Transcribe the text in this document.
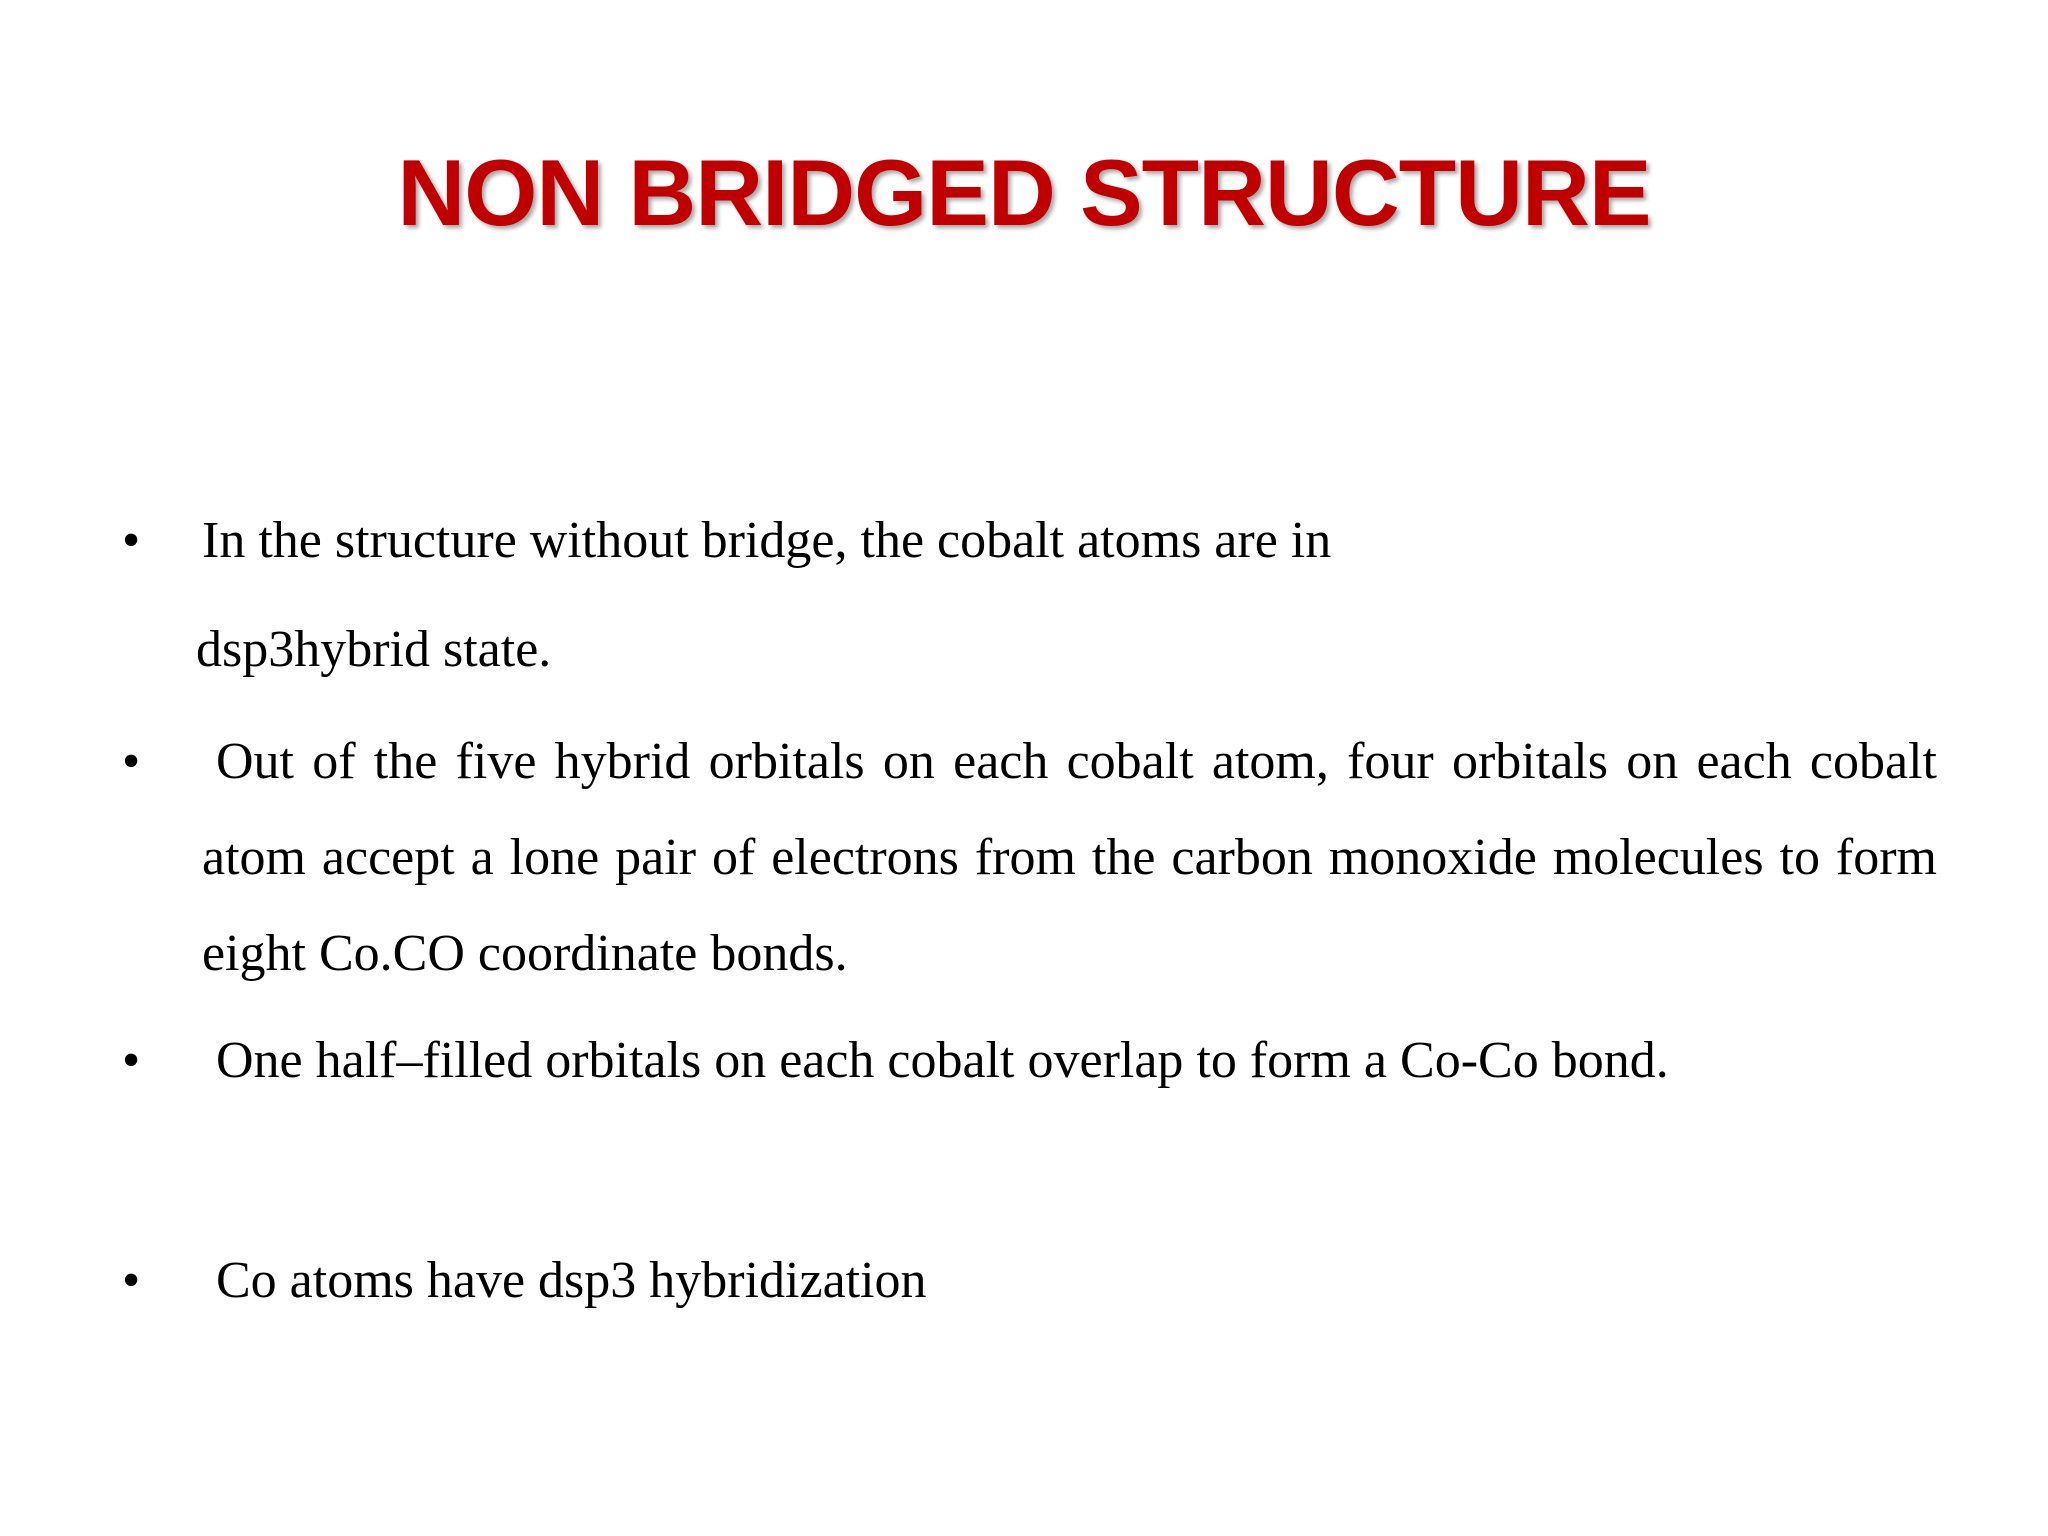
NON BRIDGED STRUCTURE
• In the structure without bridge, the cobalt atoms are in
dsp3hybrid state.
• Out of the five hybrid orbitals on each cobalt atom, four orbitals on each cobalt atom accept a lone pair of electrons from the carbon monoxide molecules to form eight Co.CO coordinate bonds.
• One half–filled orbitals on each cobalt overlap to form a Co-Co bond.
• Co atoms have dsp3 hybridization
